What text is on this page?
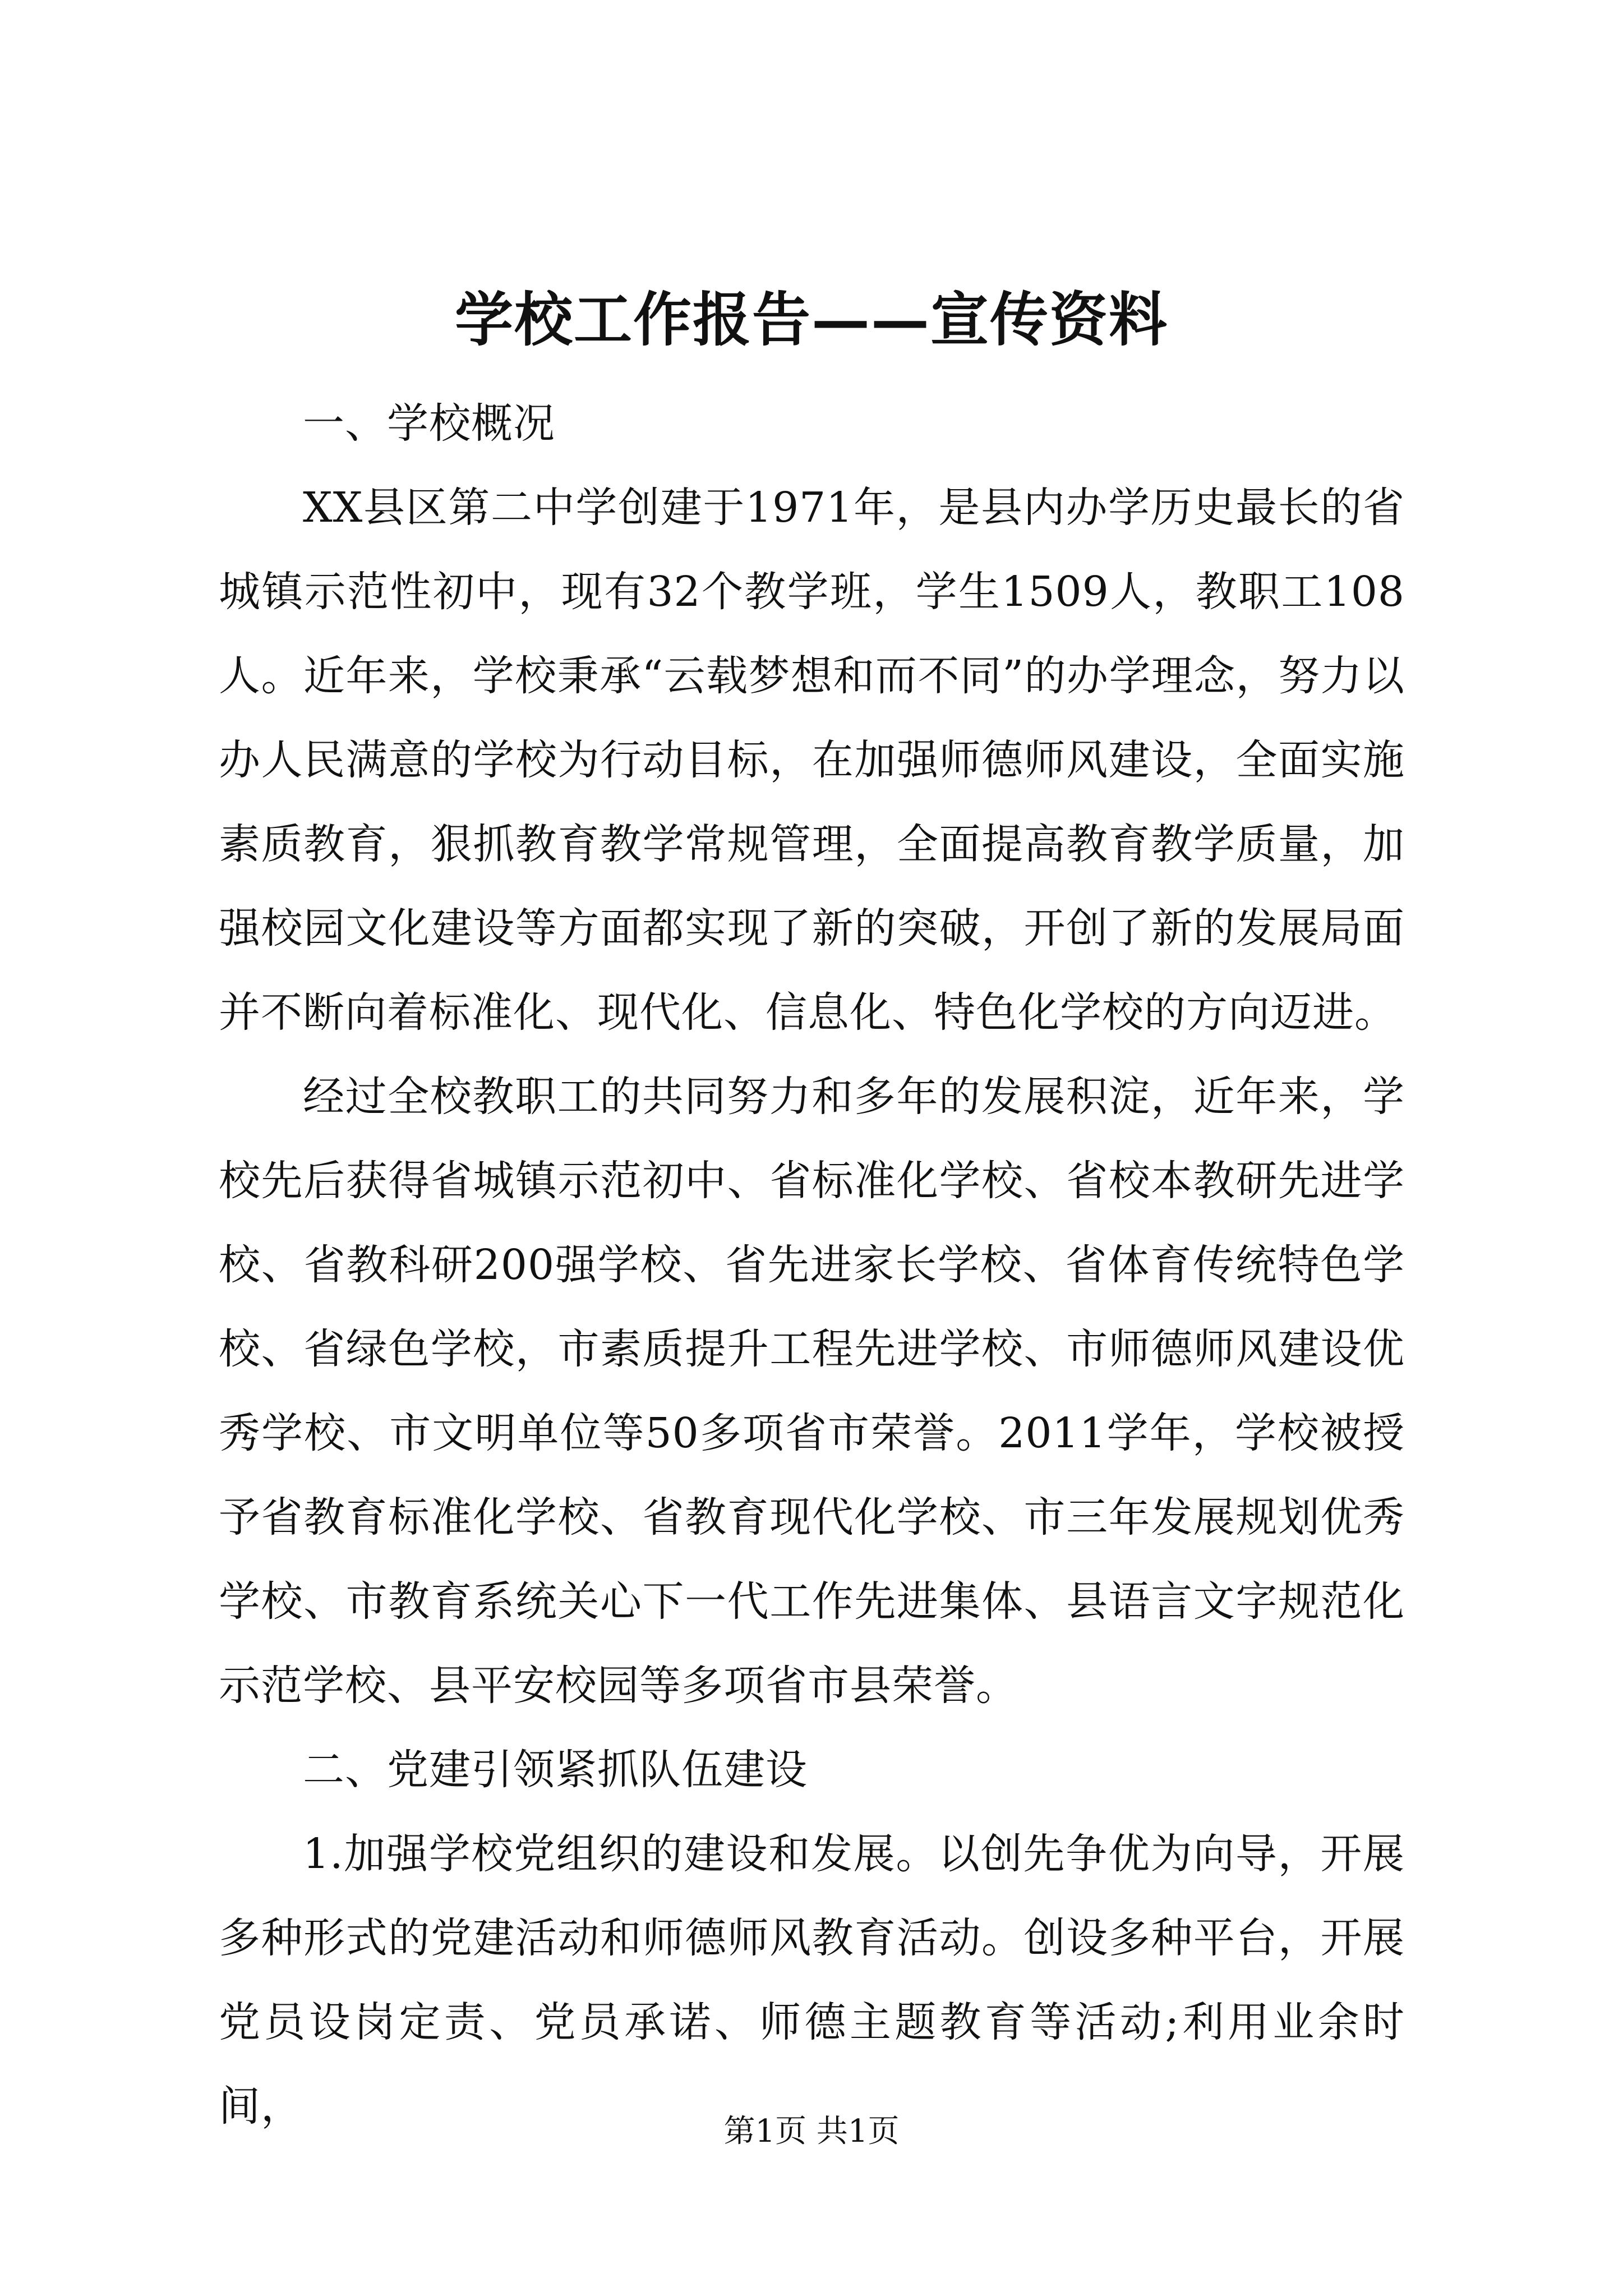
学校工作报告——宣传资料

一、学校概况

XX县区第二中学创建于1971年，是县内办学历史最长的省城镇示范性初中，现有32个教学班，学生1509人，教职工108人。近年来，学校秉承“云载梦想和而不同”的办学理念，努力以办人民满意的学校为行动目标，在加强师德师风建设，全面实施素质教育，狠抓教育教学常规管理，全面提高教育教学质量，加强校园文化建设等方面都实现了新的突破，开创了新的发展局面并不断向着标准化、现代化、信息化、特色化学校的方向迈进。

经过全校教职工的共同努力和多年的发展积淀，近年来，学校先后获得省城镇示范初中、省标准化学校、省校本教研先进学校、省教科研200强学校、省先进家长学校、省体育传统特色学校、省绿色学校，市素质提升工程先进学校、市师德师风建设优秀学校、市文明单位等50多项省市荣誉。2011学年，学校被授予省教育标准化学校、省教育现代化学校、市三年发展规划优秀学校、市教育系统关心下一代工作先进集体、县语言文字规范化示范学校、县平安校园等多项省市县荣誉。

二、党建引领紧抓队伍建设

1.加强学校党组织的建设和发展。以创先争优为向导，开展多种形式的党建活动和师德师风教育活动。创设多种平台，开展党员设岗定责、党员承诺、师德主题教育等活动;利用业余时间，

第1页 共1页
